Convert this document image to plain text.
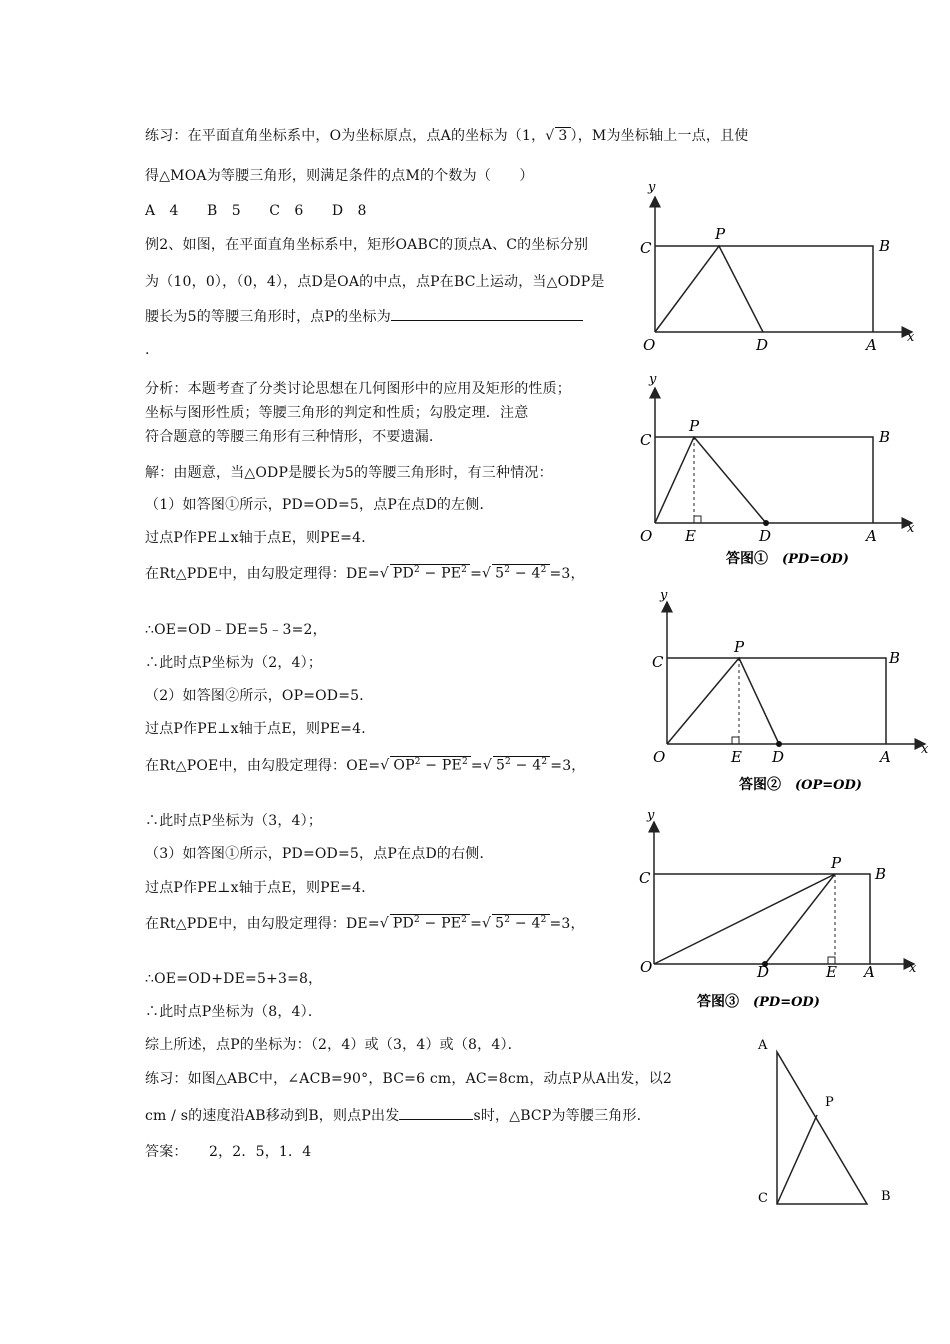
练习：在平面直角坐标系中，O为坐标原点，点A的坐标为（1，√ 3 ），M为坐标轴上一点，且使
得△MOA为等腰三角形，则满足条件的点M的个数为（　　）
A　4　　B　5　　C　6　　D　8
例2、如图，在平面直角坐标系中，矩形OABC的顶点A、C的坐标分别
为（10，0），（0，4），点D是OA的中点，点P在BC上运动，当△ODP是
腰长为5的等腰三角形时，点P的坐标为
.
分析：本题考查了分类讨论思想在几何图形中的应用及矩形的性质；
坐标与图形性质；等腰三角形的判定和性质；勾股定理．注意
符合题意的等腰三角形有三种情形，不要遗漏．
解：由题意，当△ODP是腰长为5的等腰三角形时，有三种情况：
（1）如答图①所示，PD=OD=5，点P在点D的左侧．
过点P作PE⊥x轴于点E，则PE=4．
在Rt△PDE中，由勾股定理得：DE=√ $PD^2 - PE^2$ =√ $5^2 - 4^2 =3$，
∴OE=OD﹣DE=5﹣3=2，
∴此时点P坐标为（2，4）；
（2）如答图②所示，OP=OD=5．
过点P作PE⊥x轴于点E，则PE=4．
在Rt△POE中，由勾股定理得：OE=√ $OP^2 - PE^2$ =√ $5^2 - 4^2 =3$，
∴此时点P坐标为（3，4）；
（3）如答图①所示，PD=OD=5，点P在点D的右侧．
过点P作PE⊥x轴于点E，则PE=4．
在Rt△PDE中，由勾股定理得：DE=√ $PD^2 - PE^2$ =√ $5^2 - 4^2 =3$，
∴OE=OD+DE=5+3=8，
∴此时点P坐标为（8，4）．
综上所述，点P的坐标为：（2，4）或（3，4）或（8，4）．
练习：如图△ABC中，∠ACB=90°，BC=6 cm，AC=8cm，动点P从A出发，以2
cm / s的速度沿AB移动到B，则点P出发	s时，△BCP为等腰三角形.
答案：　　2，2．5，1．4
O
C
P
B
D	A x
y
O
C
P
B
E	D	A x
y
答图① (PD=OD)
O
C
P
B
E D	A x
y
答图② (OP=OD)
O
C
P
B
E
D	A	x
y
答图③ (PD=OD)
A
P
C	B
